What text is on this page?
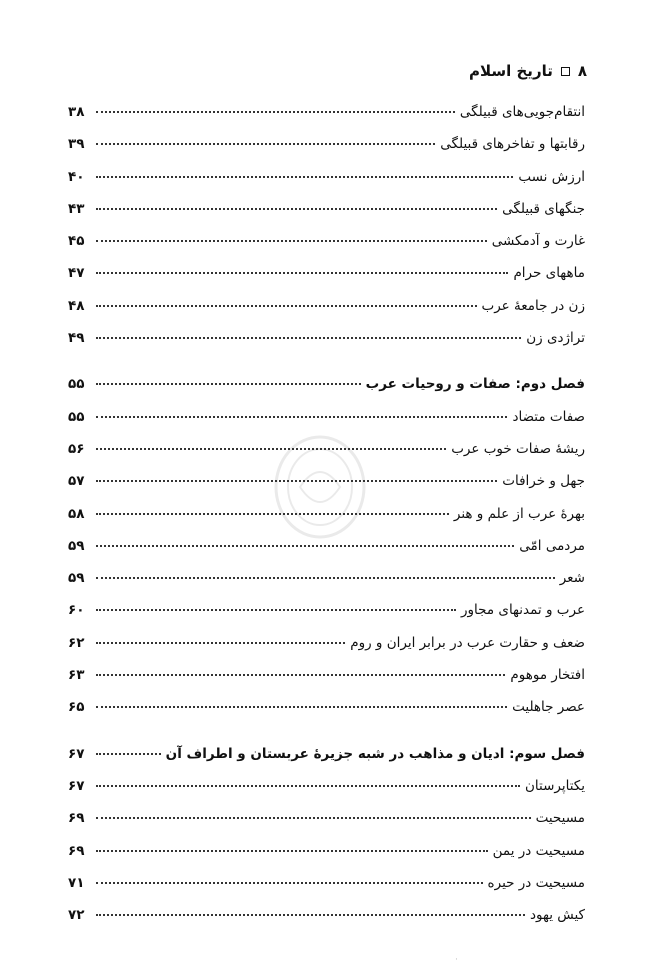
۸
تاریخ اسلام
انتقام‌جویی‌های قبیلگی
۳۸
رقابتها و تفاخرهای قبیلگی
۳۹
ارزش نسب
۴۰
جنگهای قبیلگی
۴۳
غارت و آدمکشی
۴۵
ماههای حرام
۴۷
زن در جامعهٔ عرب
۴۸
تراژدی زن
۴۹
فصل دوم: صفات و روحیات عرب
۵۵
صفات متضاد
۵۵
ریشهٔ صفات خوب عرب
۵۶
جهل و خرافات
۵۷
بهرهٔ عرب از علم و هنر
۵۸
مردمی امّی
۵۹
شعر
۵۹
عرب و تمدنهای مجاور
۶۰
ضعف و حقارت عرب در برابر ایران و روم
۶۲
افتخار موهوم
۶۳
عصر جاهلیت
۶۵
فصل سوم: ادیان و مذاهب در شبه جزیرهٔ عربستان و اطراف آن
۶۷
یکتاپرستان
۶۷
مسیحیت
۶۹
مسیحیت در یمن
۶۹
مسیحیت در حیره
۷۱
کیش یهود
۷۲
·
